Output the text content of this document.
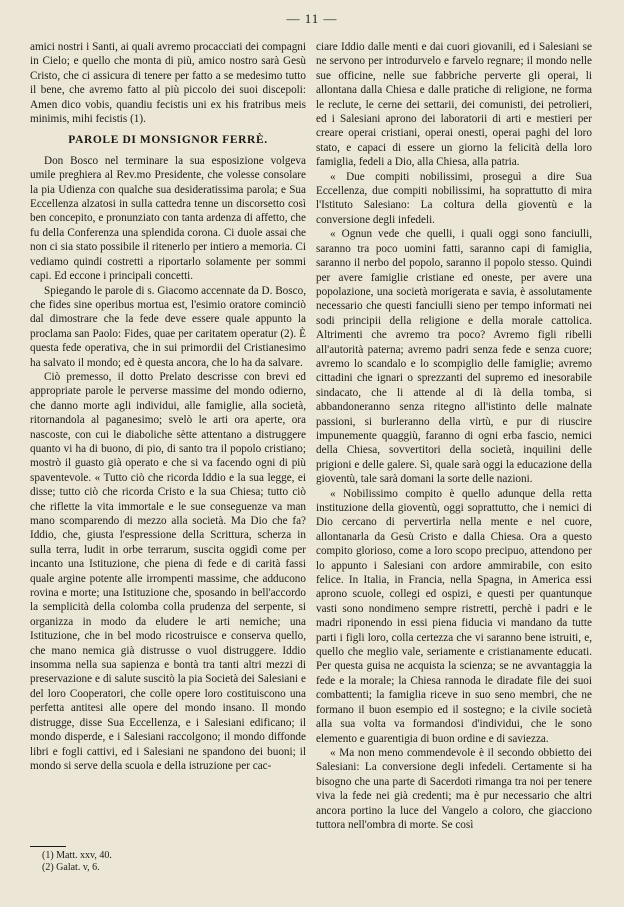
— 11 —

amici nostri i Santi, ai quali avremo procacciati dei compagni in Cielo; e quello che monta di più, amico nostro sarà Gesù Cristo, che ci assicura di tenere per fatto a se medesimo tutto il bene, che avremo fatto al più piccolo dei suoi discepoli: Amen dico vobis, quandiu fecistis uni ex his fratribus meis minimis, mihi fecistis (1).

PAROLE DI MONSIGNOR FERRÈ.

Don Bosco nel terminare la sua esposizione volgeva umile preghiera al Rev.mo Presidente, che volesse consolare la pia Udienza con qualche sua desideratissima parola; e Sua Eccellenza alzatosi in sulla cattedra tenne un discorsetto così ben concepito, e pronunziato con tanta ardenza di affetto, che fu della Conferenza una splendida corona. Ci duole assai che non ci sia stato possibile il ritenerlo per intiero a memoria. Ci vediamo quindi costretti a riportarlo solamente per sommi capi. Ed eccone i principali concetti.

Spiegando le parole di s. Giacomo accennate da D. Bosco, che fides sine operibus mortua est, l'esimio oratore cominciò dal dimostrare che la fede deve essere quale appunto la proclama san Paolo: Fides, quae per caritatem operatur (2). È questa fede operativa, che in sui primordii del Cristianesimo ha salvato il mondo; ed è questa ancora, che lo ha da salvare.

Ciò premesso, il dotto Prelato descrisse con brevi ed appropriate parole le perverse massime del mondo odierno, che danno morte agli individui, alle famiglie, alla società, ritornandola al paganesimo; svelò le arti ora aperte, ora nascoste, con cui le diaboliche sètte attentano a distruggere quanto vi ha di buono, di pio, di santo tra il popolo cristiano; mostrò il guasto già operato e che si va facendo ogni di più spaventevole. « Tutto ciò che ricorda Iddio e la sua legge, ei disse; tutto ciò che ricorda Cristo e la sua Chiesa; tutto ciò che riflette la vita immortale e le sue conseguenze va man mano scomparendo di mezzo alla società. Ma Dio che fa? Iddio, che, giusta l'espressione della Scrittura, scherza in sulla terra, ludit in orbe terrarum, suscita oggidì come per incanto una Istituzione, che piena di fede e di carità fassi quale argine potente alle irrompenti massime, che adducono rovina e morte; una Istituzione che, sposando in bell'accordo la semplicità della colomba colla prudenza del serpente, si organizza in modo da eludere le arti nemiche; una Istituzione, che in bel modo ricostruisce e conserva quello, che mano nemica già distrusse o vuol distruggere. Iddio insomma nella sua sapienza e bontà tra tanti altri mezzi di preservazione e di salute suscitò la pia Società dei Salesiani e del loro Cooperatori, che colle opere loro costituiscono una perfetta antitesi alle opere del mondo insano. Il mondo distrugge, disse Sua Eccellenza, e i Salesiani edificano; il mondo disperde, e i Salesiani raccolgono; il mondo diffonde libri e fogli cattivi, ed i Salesiani ne spandono dei buoni; il mondo si serve della scuola e della istruzione per cac-

ciare Iddio dalle menti e dai cuori giovanili, ed i Salesiani se ne servono per introdurvelo e farvelo regnare; il mondo nelle sue officine, nelle sue fabbriche perverte gli operai, li allontana dalla Chiesa e dalle pratiche di religione, ne forma le reclute, le cerne dei settarii, dei comunisti, dei petrolieri, ed i Salesiani aprono dei laboratorii di arti e mestieri per creare operai cristiani, operai onesti, operai paghi del loro stato, e capaci di essere un giorno la felicità della loro famiglia, fedeli a Dio, alla Chiesa, alla patria.

« Due compiti nobilissimi, proseguì a dire Sua Eccellenza, due compiti nobilissimi, ha soprattutto di mira l'Istituto Salesiano: La coltura della gioventù e la conversione degli infedeli.

« Ognun vede che quelli, i quali oggi sono fanciulli, saranno tra poco uomini fatti, saranno capi di famiglia, saranno il nerbo del popolo, saranno il popolo stesso. Quindi per avere famiglie cristiane ed oneste, per avere una popolazione, una società morigerata e savia, è assolutamente necessario che questi fanciulli sieno per tempo informati nei sodi principii della religione e della morale cattolica. Altrimenti che avremo tra poco? Avremo figli ribelli all'autorità paterna; avremo padri senza fede e senza cuore; avremo lo scandalo e lo scompiglio delle famiglie; avremo cittadini che ignari o sprezzanti del supremo ed inesorabile sindacato, che li attende al di là della tomba, si abbandoneranno senza ritegno all'istinto delle malnate passioni, si burleranno della virtù, e pur di riuscire impunemente quaggiù, faranno di ogni erba fascio, nemici della Chiesa, sovvertitori della società, inquilini delle prigioni e delle galere. Sì, quale sarà oggi la educazione della gioventù, tale sarà domani la sorte delle nazioni.

« Nobilissimo compito è quello adunque della retta instituzione della gioventù, oggi soprattutto, che i nemici di Dio cercano di pervertirla nella mente e nel cuore, allontanarla da Gesù Cristo e dalla Chiesa. Ora a questo compito glorioso, come a loro scopo precipuo, attendono per lo appunto i Salesiani con ardore ammirabile, con esito felice. In Italia, in Francia, nella Spagna, in America essi aprono scuole, collegi ed ospizi, e questi per quantunque vasti sono nondimeno sempre ristretti, perchè i padri e le madri riponendo in essi piena fiducia vi mandano da tutte parti i figli loro, colla certezza che vi saranno bene istruiti, e, quello che meglio vale, seriamente e cristianamente educati. Per questa guisa ne acquista la scienza; se ne avvantaggia la fede e la morale; la Chiesa rannoda le diradate file dei suoi combattenti; la famiglia riceve in suo seno membri, che ne formano il buon esempio ed il sostegno; e la civile società alla sua volta va formandosi d'individui, che le sono elemento e guarentigia di buon ordine e di saviezza.

« Ma non meno commendevole è il secondo obbietto dei Salesiani: La conversione degli infedeli. Certamente si ha bisogno che una parte di Sacerdoti rimanga tra noi per tenere viva la fede nei già credenti; ma è pur necessario che altri ancora portino la luce del Vangelo a coloro, che giacciono tuttora nell'ombra di morte. Se così

(1) Matt. xxv, 40.
(2) Galat. v, 6.
